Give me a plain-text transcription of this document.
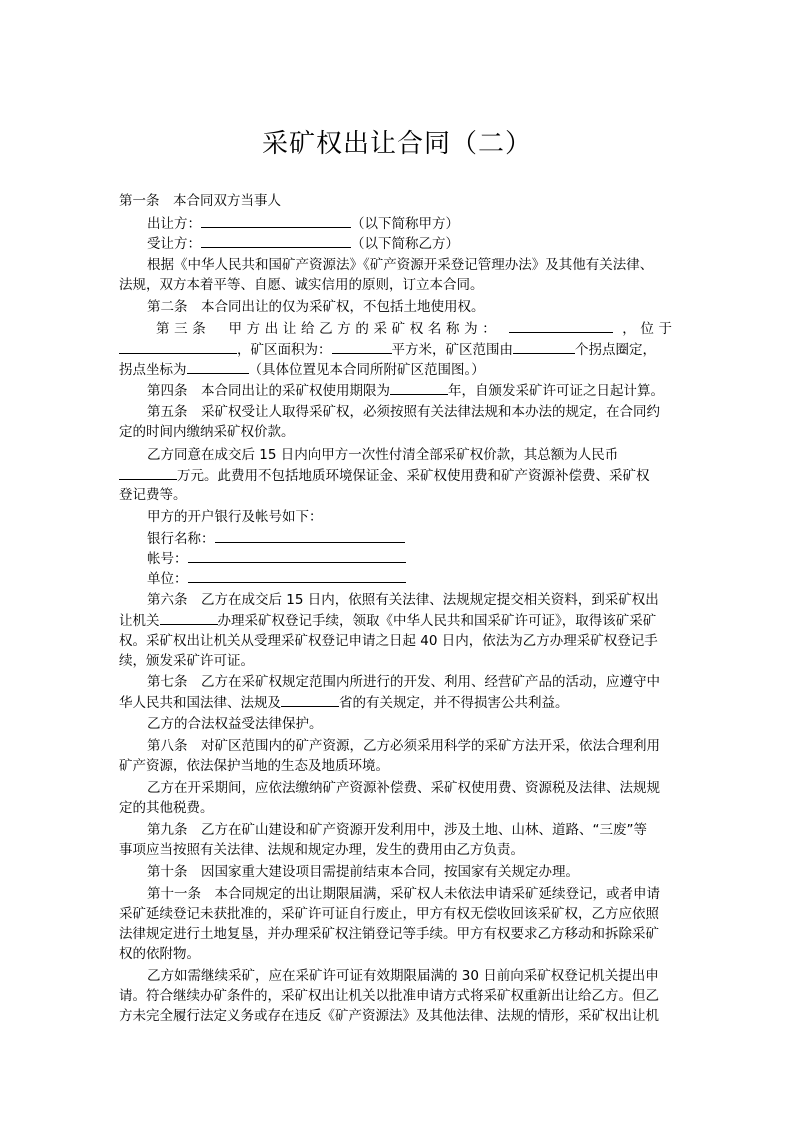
采矿权出让合同（二）

第一条　本合同双方当事人

出让方：	（以下简称甲方）

受让方：	（以下简称乙方）

根据《中华人民共和国矿产资源法》《矿产资源开采登记管理办法》及其他有关法律、

法规，双方本着平等、自愿、诚实信用的原则，订立本合同。

第二条　本合同出让的仅为采矿权，不包括土地使用权。

第三条　甲方出让给乙方的采矿权名称为：	，位于

，矿区面积为：	平方米，矿区范围由	个拐点圈定，

拐点坐标为	（具体位置见本合同所附矿区范围图。）

第四条　本合同出让的采矿权使用期限为	年，自颁发采矿许可证之日起计算。

第五条　采矿权受让人取得采矿权，必须按照有关法律法规和本办法的规定，在合同约

定的时间内缴纳采矿权价款。

乙方同意在成交后 15 日内向甲方一次性付清全部采矿权价款，其总额为人民币

万元。此费用不包括地质环境保证金、采矿权使用费和矿产资源补偿费、采矿权

登记费等。

甲方的开户银行及帐号如下：

银行名称：

帐号：

单位：

第六条　乙方在成交后 15 日内，依照有关法律、法规规定提交相关资料，到采矿权出

让机关	办理采矿权登记手续，领取《中华人民共和国采矿许可证》，取得该矿采矿

权。采矿权出让机关从受理采矿权登记申请之日起 40 日内，依法为乙方办理采矿权登记手

续，颁发采矿许可证。

第七条　乙方在采矿权规定范围内所进行的开发、利用、经营矿产品的活动，应遵守中

华人民共和国法律、法规及	省的有关规定，并不得损害公共利益。

乙方的合法权益受法律保护。

第八条　对矿区范围内的矿产资源，乙方必须采用科学的采矿方法开采，依法合理利用

矿产资源，依法保护当地的生态及地质环境。

乙方在开采期间，应依法缴纳矿产资源补偿费、采矿权使用费、资源税及法律、法规规

定的其他税费。

第九条　乙方在矿山建设和矿产资源开发利用中，涉及土地、山林、道路、“三废”等

事项应当按照有关法律、法规和规定办理，发生的费用由乙方负责。

第十条　因国家重大建设项目需提前结束本合同，按国家有关规定办理。

第十一条　本合同规定的出让期限届满，采矿权人未依法申请采矿延续登记，或者申请

采矿延续登记未获批准的，采矿许可证自行废止，甲方有权无偿收回该采矿权，乙方应依照

法律规定进行土地复垦，并办理采矿权注销登记等手续。甲方有权要求乙方移动和拆除采矿

权的依附物。

乙方如需继续采矿，应在采矿许可证有效期限届满的 30 日前向采矿权登记机关提出申

请。符合继续办矿条件的，采矿权出让机关以批准申请方式将采矿权重新出让给乙方。但乙

方未完全履行法定义务或存在违反《矿产资源法》及其他法律、法规的情形，采矿权出让机
